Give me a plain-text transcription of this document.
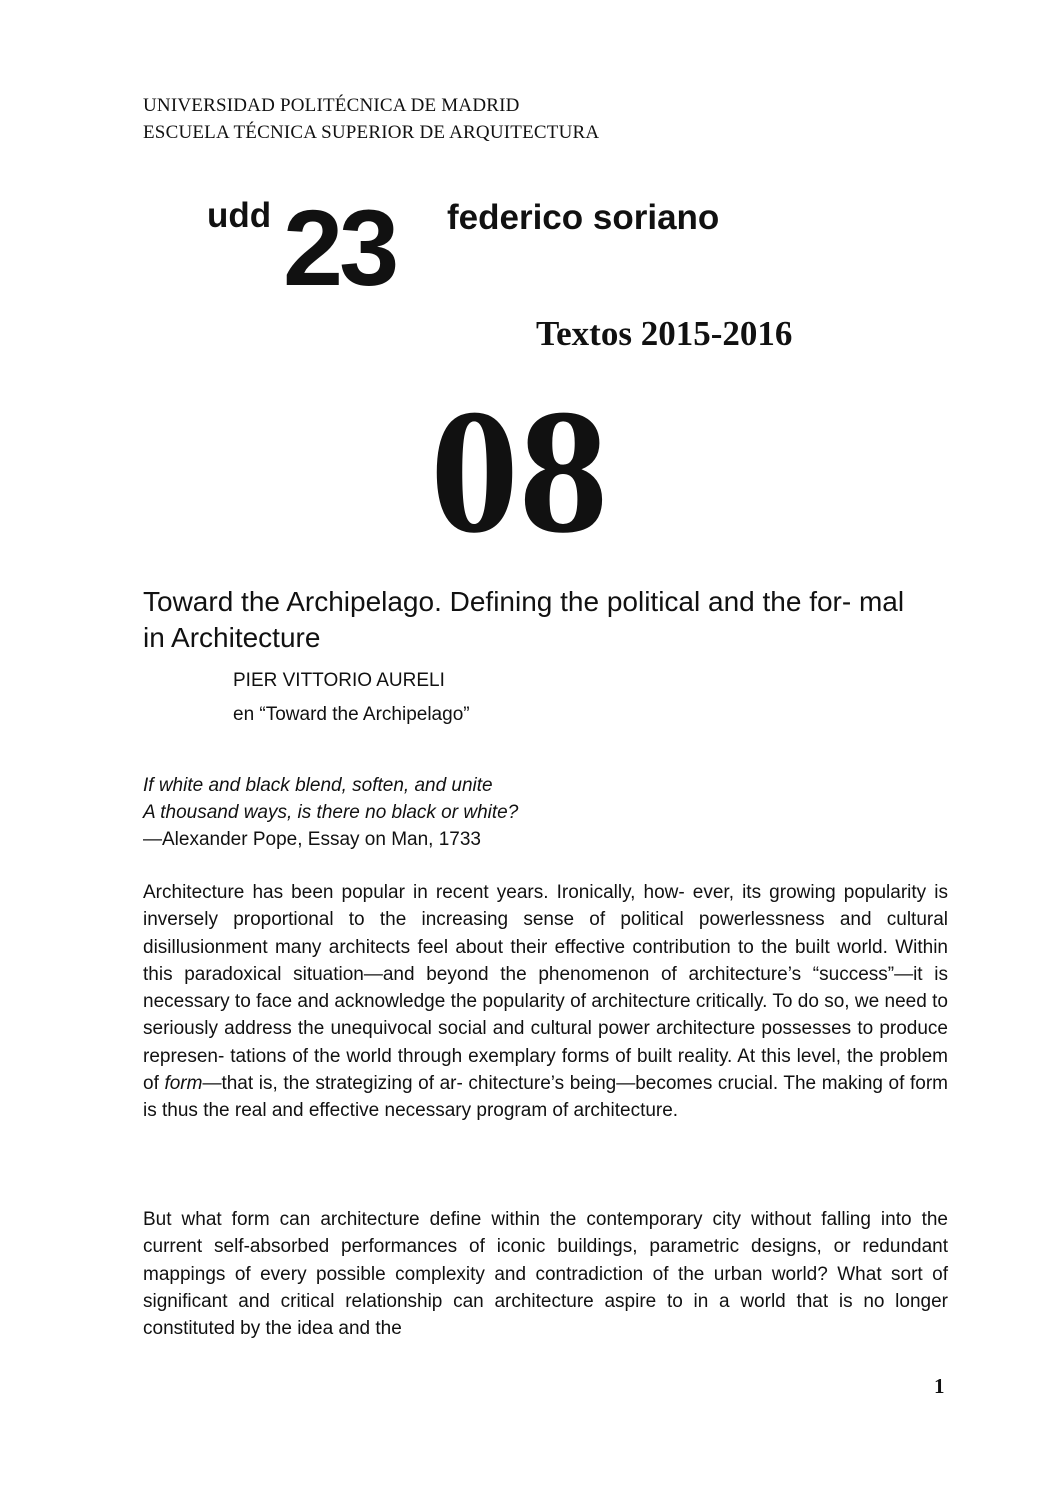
UNIVERSIDAD POLITÉCNICA DE MADRID
ESCUELA TÉCNICA SUPERIOR DE ARQUITECTURA
udd 23 federico soriano
Textos 2015-2016
08
Toward the Archipelago. Defining the political and the for- mal in Architecture
PIER VITTORIO AURELI
en “Toward the Archipelago”
If white and black blend, soften, and unite
A thousand ways, is there no black or white?
—Alexander Pope, Essay on Man, 1733
Architecture has been popular in recent years. Ironically, how- ever, its growing popularity is inversely proportional to the increasing sense of political powerlessness and cultural disillusionment many architects feel about their effective contribution to the built world. Within this paradoxical situation—and beyond the phenomenon of architecture’s “success”—it is necessary to face and acknowledge the popularity of architecture critically. To do so, we need to seriously address the unequivocal social and cultural power architecture possesses to produce represen- tations of the world through exemplary forms of built reality. At this level, the problem of form—that is, the strategizing of ar- chitecture’s being—becomes crucial. The making of form is thus the real and effective necessary program of architecture.
But what form can architecture define within the contemporary city without falling into the current self-absorbed performances of iconic buildings, parametric designs, or redundant mappings of every possible complexity and contradiction of the urban world? What sort of significant and critical relationship can architecture aspire to in a world that is no longer constituted by the idea and the
1
